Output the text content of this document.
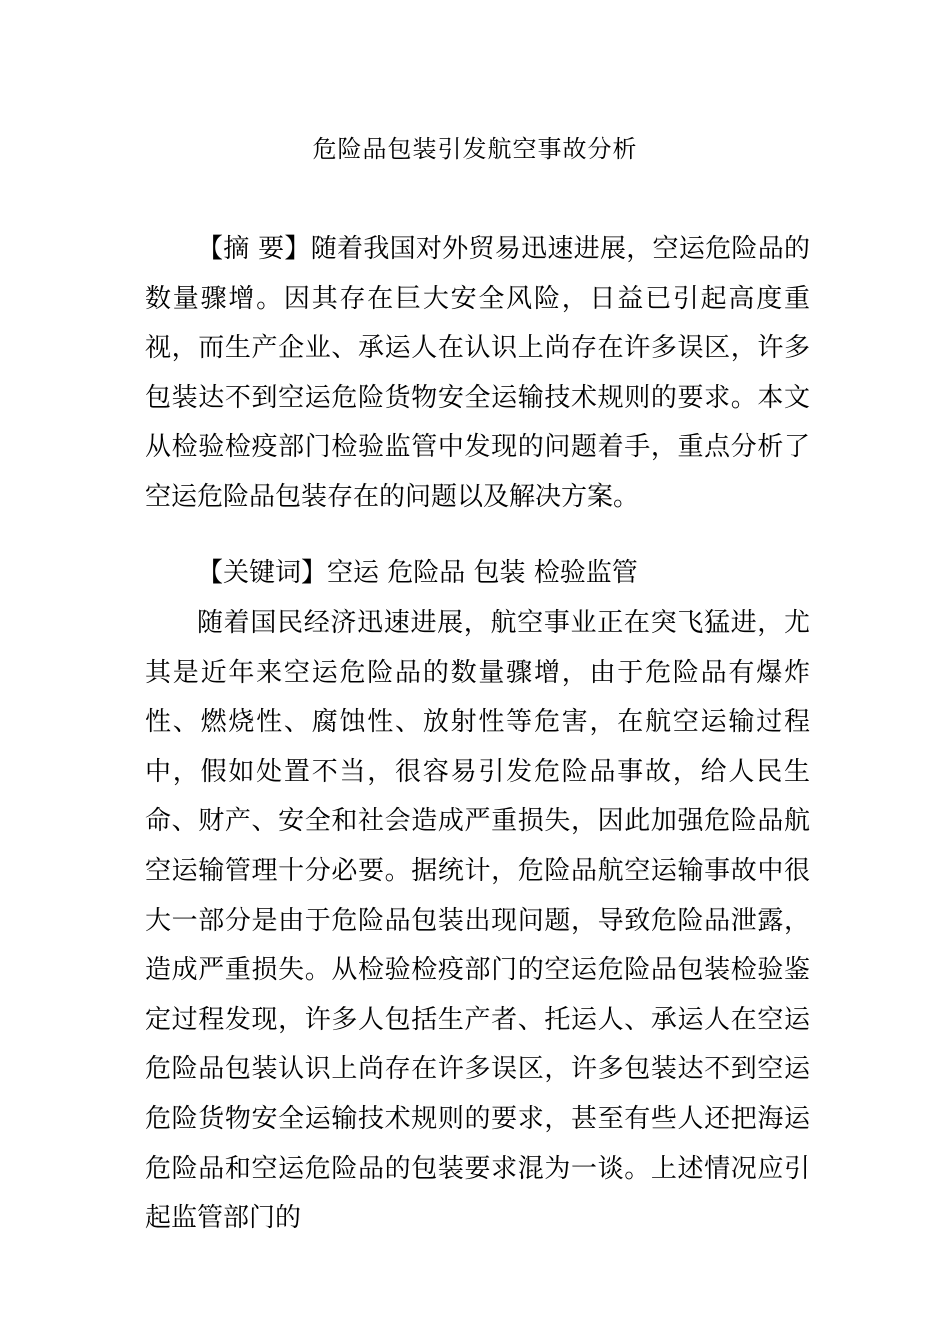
危险品包装引发航空事故分析

【摘 要】随着我国对外贸易迅速进展，空运危险品的数量骤增。因其存在巨大安全风险，日益已引起高度重视，而生产企业、承运人在认识上尚存在许多误区，许多包装达不到空运危险货物安全运输技术规则的要求。本文从检验检疫部门检验监管中发现的问题着手，重点分析了空运危险品包装存在的问题以及解决方案。

【关键词】空运 危险品 包装 检验监管

随着国民经济迅速进展，航空事业正在突飞猛进，尤其是近年来空运危险品的数量骤增，由于危险品有爆炸性、燃烧性、腐蚀性、放射性等危害，在航空运输过程中，假如处置不当，很容易引发危险品事故，给人民生命、财产、安全和社会造成严重损失，因此加强危险品航空运输管理十分必要。据统计，危险品航空运输事故中很大一部分是由于危险品包装出现问题，导致危险品泄露，造成严重损失。从检验检疫部门的空运危险品包装检验鉴定过程发现，许多人包括生产者、托运人、承运人在空运危险品包装认识上尚存在许多误区，许多包装达不到空运危险货物安全运输技术规则的要求，甚至有些人还把海运危险品和空运危险品的包装要求混为一谈。上述情况应引起监管部门的
